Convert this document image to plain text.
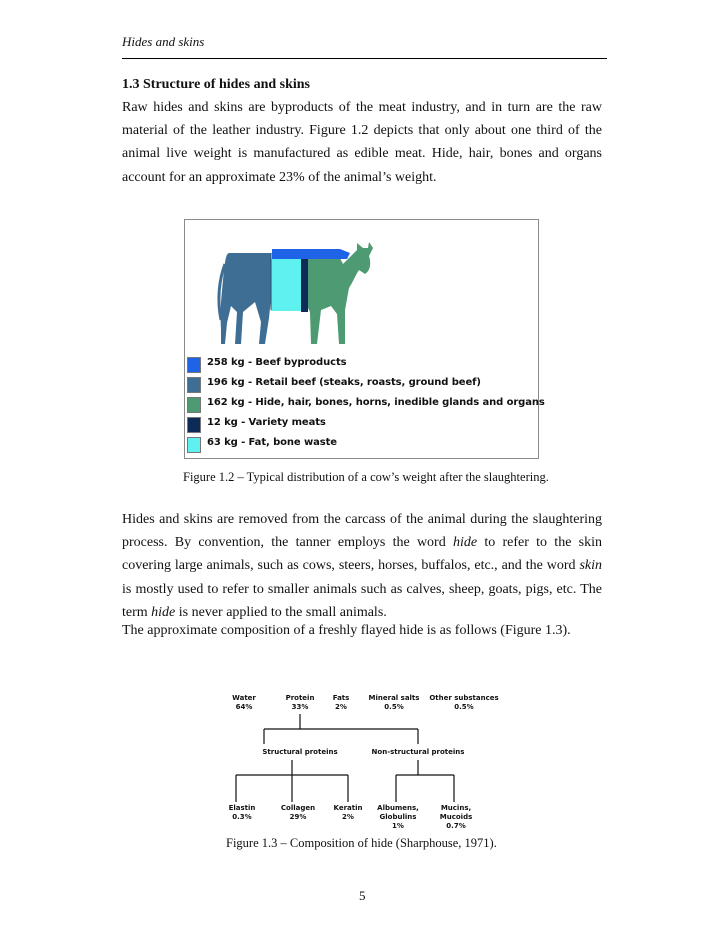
Hides and skins
1.3 Structure of hides and skins
Raw hides and skins are byproducts of the meat industry, and in turn are the raw material of the leather industry. Figure 1.2 depicts that only about one third of the animal live weight is manufactured as edible meat. Hide, hair, bones and organs account for an approximate 23% of the animal’s weight.
258 kg - Beef byproducts
196 kg - Retail beef (steaks, roasts, ground beef)
162 kg - Hide, hair, bones, horns, inedible glands and organs
12 kg - Variety meats
63 kg - Fat, bone waste
Figure 1.2 – Typical distribution of a cow’s weight after the slaughtering.
Hides and skins are removed from the carcass of the animal during the slaughtering process. By convention, the tanner employs the word hide to refer to the skin covering large animals, such as cows, steers, horses, buffalos, etc., and the word skin is mostly used to refer to smaller animals such as calves, sheep, goats, pigs, etc. The term hide is never applied to the small animals.
The approximate composition of a freshly flayed hide is as follows (Figure 1.3).
Water
64%
Protein
33%
Fats
2%
Mineral salts
0.5%
Other substances
0.5%
Structural proteins	Non-structural proteins
Elastin
0.3%
Collagen
29%
Keratin
2%
Albumens,
Globulins
1%
Mucins,
Mucoids
0.7%
Figure 1.3 – Composition of hide (Sharphouse, 1971).
5
